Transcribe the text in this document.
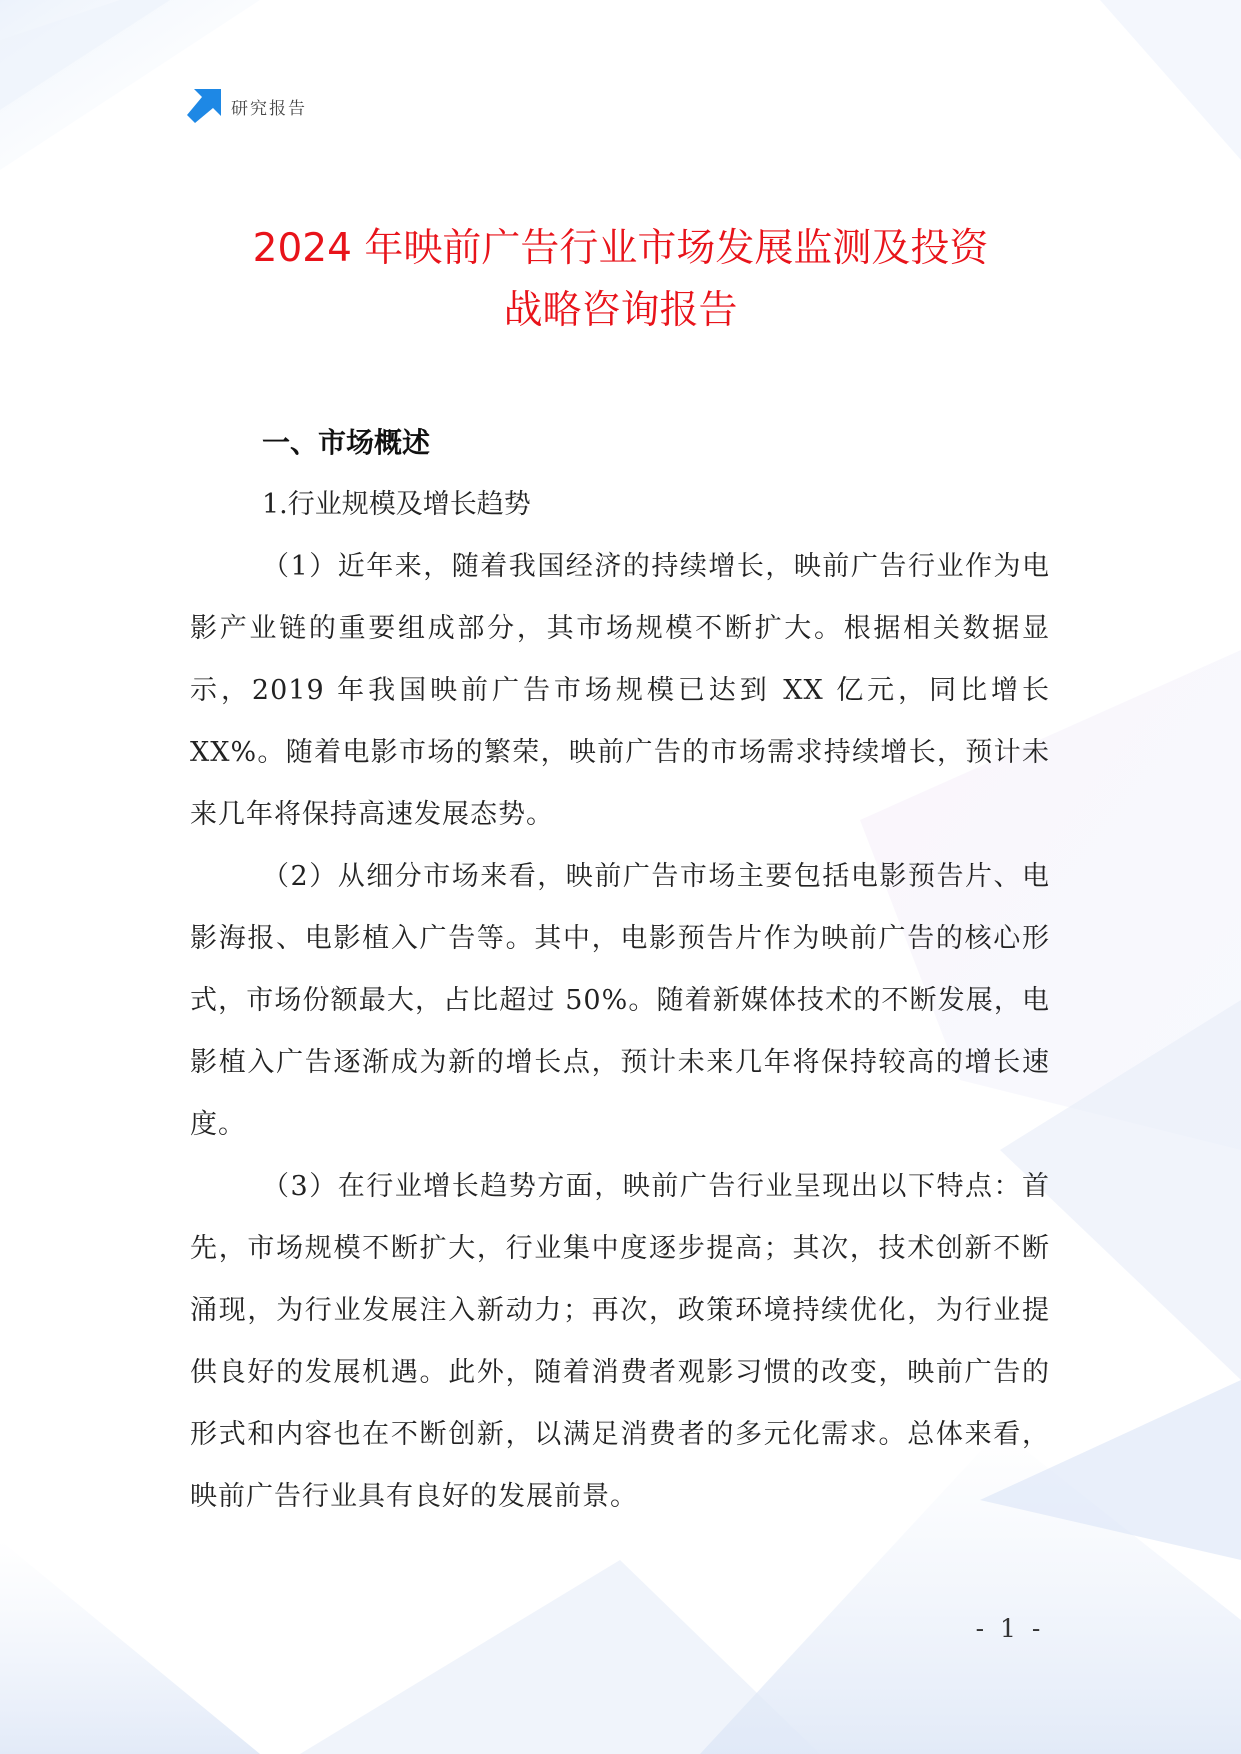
研究报告
2024 年映前广告行业市场发展监测及投资
战略咨询报告
一、市场概述
1.行业规模及增长趋势

（1）近年来，随着我国经济的持续增长，映前广告行业作为电影产业链的重要组成部分，其市场规模不断扩大。根据相关数据显示，2019 年我国映前广告市场规模已达到 XX 亿元，同比增长 XX%。随着电影市场的繁荣，映前广告的市场需求持续增长，预计未来几年将保持高速发展态势。

（2）从细分市场来看，映前广告市场主要包括电影预告片、电影海报、电影植入广告等。其中，电影预告片作为映前广告的核心形式，市场份额最大，占比超过 50%。随着新媒体技术的不断发展，电影植入广告逐渐成为新的增长点，预计未来几年将保持较高的增长速度。

（3）在行业增长趋势方面，映前广告行业呈现出以下特点：首先，市场规模不断扩大，行业集中度逐步提高；其次，技术创新不断涌现，为行业发展注入新动力；再次，政策环境持续优化，为行业提供良好的发展机遇。此外，随着消费者观影习惯的改变，映前广告的形式和内容也在不断创新，以满足消费者的多元化需求。总体来看，映前广告行业具有良好的发展前景。

- 1 -
